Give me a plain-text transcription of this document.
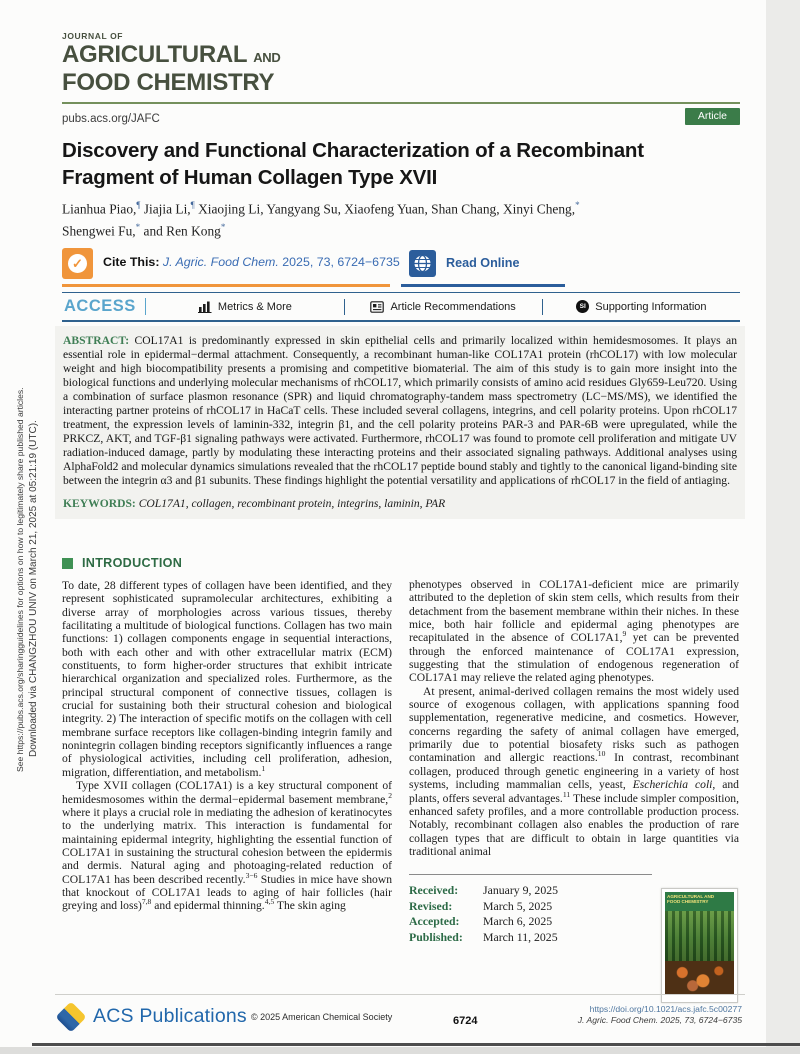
Downloaded via CHANGZHOU UNIV on March 21, 2025 at 05:21:19 (UTC).
See https://pubs.acs.org/sharingguidelines for options on how to legitimately share published articles.
JOURNAL OF
AGRICULTURAL AND
FOOD CHEMISTRY
pubs.acs.org/JAFC	Article
Discovery and Functional Characterization of a Recombinant
Fragment of Human Collagen Type XVII
Lianhua Piao,¶ Jiajia Li,¶ Xiaojing Li, Yangyang Su, Xiaofeng Yuan, Shan Chang, Xinyi Cheng,*
Shengwei Fu,* and Ren Kong*
✓	Cite This: J. Agric. Food Chem. 2025, 73, 6724−6735	Read Online
ACCESS	Metrics & More	Article Recommendations	SI Supporting Information
ABSTRACT: COL17A1 is predominantly expressed in skin epithelial cells and primarily localized within hemidesmosomes. It plays an essential role in epidermal−dermal attachment. Consequently, a recombinant human-like COL17A1 protein (rhCOL17) with low molecular weight and high biocompatibility presents a promising and competitive biomaterial. The aim of this study is to gain more insight into the biological functions and underlying molecular mechanisms of rhCOL17, which primarily consists of amino acid residues Gly659-Leu720. Using a combination of surface plasmon resonance (SPR) and liquid chromatography-tandem mass spectrometry (LC−MS/MS), we identified the interacting partner proteins of rhCOL17 in HaCaT cells. These included several collagens, integrins, and cell polarity proteins. Upon rhCOL17 treatment, the expression levels of laminin-332, integrin β1, and the cell polarity proteins PAR-3 and PAR-6B were upregulated, while the PRKCZ, AKT, and TGF-β1 signaling pathways were activated. Furthermore, rhCOL17 was found to promote cell proliferation and mitigate UV radiation-induced damage, partly by modulating these interacting proteins and their associated signaling pathways. Additional analyses using AlphaFold2 and molecular dynamics simulations revealed that the rhCOL17 peptide bound stably and tightly to the canonical ligand-binding site between the integrin α3 and β1 subunits. These findings highlight the potential versatility and applications of rhCOL17 in the field of antiaging.
KEYWORDS: COL17A1, collagen, recombinant protein, integrins, laminin, PAR
INTRODUCTION

To date, 28 different types of collagen have been identified, and they represent sophisticated supramolecular architectures, exhibiting a diverse array of morphologies across various tissues, thereby facilitating a multitude of biological functions. Collagen has two main functions: 1) collagen components engage in sequential interactions, both with each other and with other extracellular matrix (ECM) constituents, to form higher-order structures that exhibit intricate hierarchical organization and specialized roles. Furthermore, as the principal structural component of connective tissues, collagen is crucial for sustaining both their structural cohesion and biological integrity. 2) The interaction of specific motifs on the collagen with cell membrane surface receptors like collagen-binding integrin family and nonintegrin collagen binding receptors significantly influences a range of physiological activities, including cell proliferation, adhesion, migration, differentiation, and metabolism.$^1$

Type XVII collagen (COL17A1) is a key structural component of hemidesmosomes within the dermal−epidermal basement membrane,$^2$ where it plays a crucial role in mediating the adhesion of keratinocytes to the underlying matrix. This interaction is fundamental for maintaining epidermal integrity, highlighting the essential function of COL17A1 in sustaining the structural cohesion between the epidermis and dermis. Natural aging and photoaging-related reduction of COL17A1 has been described recently.$^{3-6}$ Studies in mice have shown that knockout of COL17A1 leads to aging of hair follicles (hair greying and loss)$^{7,8}$ and epidermal thinning.$^{4,5}$ The skin aging

phenotypes observed in COL17A1-deficient mice are primarily attributed to the depletion of skin stem cells, which results from their detachment from the basement membrane within their niches. In these mice, both hair follicle and epidermal aging phenotypes are recapitulated in the absence of COL17A1,$^9$ yet can be prevented through the enforced maintenance of COL17A1 expression, suggesting that the stimulation of endogenous regeneration of COL17A1 may relieve the related aging phenotypes.

At present, animal-derived collagen remains the most widely used source of exogenous collagen, with applications spanning food supplementation, regenerative medicine, and cosmetics. However, concerns regarding the safety of animal collagen have emerged, primarily due to potential biosafety risks such as pathogen contamination and allergic reactions.$^{10}$ In contrast, recombinant collagen, produced through genetic engineering in a variety of host systems, including mammalian cells, yeast, Escherichia coli, and plants, offers several advantages.$^{11}$ These include simpler composition, enhanced safety profiles, and a more controllable production process. Notably, recombinant collagen also enables the production of rare collagen types that are difficult to obtain in large quantities via traditional animal

Received:	January 9, 2025
Revised:	March 5, 2025
Accepted:	March 6, 2025
Published:	March 11, 2025
AGRICULTURAL AND
FOOD CHEMISTRY
ACS Publications © 2025 American Chemical Society	6724
https://doi.org/10.1021/acs.jafc.5c00277
J. Agric. Food Chem. 2025, 73, 6724−6735
